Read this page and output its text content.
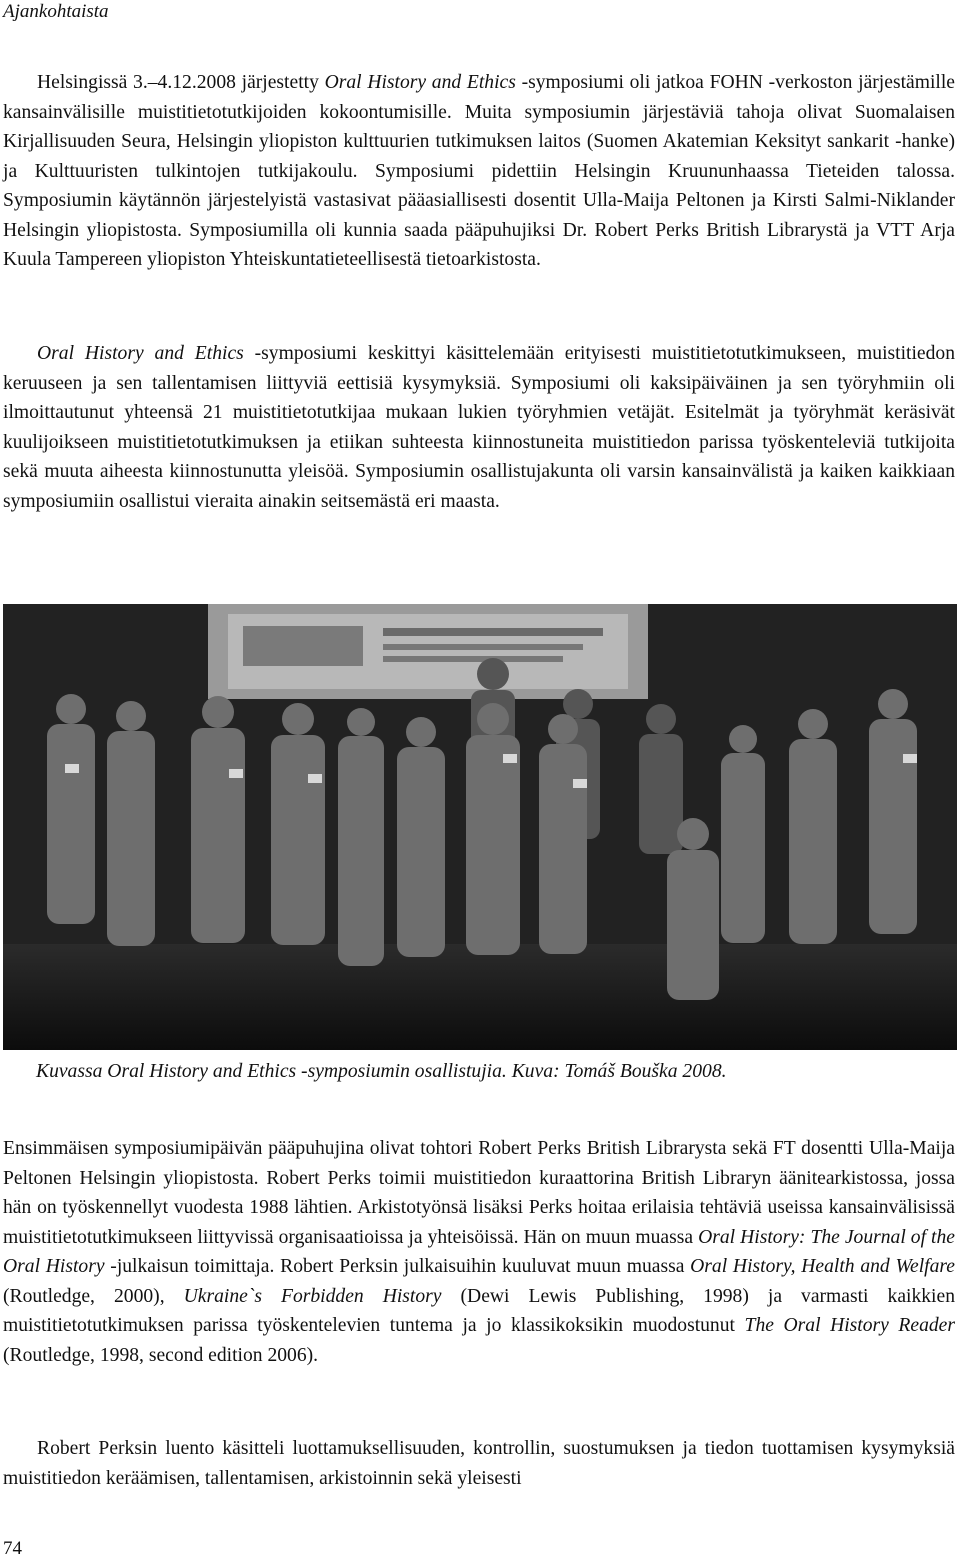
Ajankohtaista

Helsingissä 3.–4.12.2008 järjestetty Oral History and Ethics -symposiumi oli jatkoa FOHN -verkoston järjestämille kansainvälisille muistitietotutkijoiden kokoontumisille. Muita symposiumin järjestäviä tahoja olivat Suomalaisen Kirjallisuuden Seura, Helsingin yliopiston kulttuurien tutkimuksen laitos (Suomen Akatemian Keksityt sankarit -hanke) ja Kulttuuristen tulkintojen tutkijakoulu. Symposiumi pidettiin Helsingin Kruununhaassa Tieteiden talossa. Symposiumin käytännön järjestelyistä vastasivat pääasiallisesti dosentit Ulla-Maija Peltonen ja Kirsti Salmi-Niklander Helsingin yliopistosta. Symposiumilla oli kunnia saada pääpuhujiksi Dr. Robert Perks British Librarystä ja VTT Arja Kuula Tampereen yliopiston Yhteiskuntatieteellisestä tietoarkistosta.

Oral History and Ethics -symposiumi keskittyi käsittelemään erityisesti muistitietotutkimukseen, muistitiedon keruuseen ja sen tallentamisen liittyviä eettisiä kysymyksiä. Symposiumi oli kaksipäiväinen ja sen työryhmiin oli ilmoittautunut yhteensä 21 muistitietotutkijaa mukaan lukien työryhmien vetäjät. Esitelmät ja työryhmät keräsivät kuulijoikseen muistitietotutkimuksen ja etiikan suhteesta kiinnostuneita muistitiedon parissa työskenteleviä tutkijoita sekä muuta aiheesta kiinnostunutta yleisöä. Symposiumin osallistujakunta oli varsin kansainvälistä ja kaiken kaikkiaan symposiumiin osallistui vieraita ainakin seitsemästä eri maasta.

Kuvassa Oral History and Ethics -symposiumin osallistujia. Kuva: Tomáš Bouška 2008.

Ensimmäisen symposiumipäivän pääpuhujina olivat tohtori Robert Perks British Librarysta sekä FT dosentti Ulla-Maija Peltonen Helsingin yliopistosta. Robert Perks toimii muistitiedon kuraattorina British Libraryn äänitearkistossa, jossa hän on työskennellyt vuodesta 1988 lähtien. Arkistotyönsä lisäksi Perks hoitaa erilaisia tehtäviä useissa kansainvälisissä muistitietotutkimukseen liittyvissä organisaatioissa ja yhteisöissä. Hän on muun muassa Oral History: The Journal of the Oral History -julkaisun toimittaja. Robert Perksin julkaisuihin kuuluvat muun muassa Oral History, Health and Welfare (Routledge, 2000), Ukraine`s Forbidden History (Dewi Lewis Publishing, 1998) ja varmasti kaikkien muistitietotutkimuksen parissa työskentelevien tuntema ja jo klassikoksikin muodostunut The Oral History Reader (Routledge, 1998, second edition 2006).

Robert Perksin luento käsitteli luottamuksellisuuden, kontrollin, suostumuksen ja tiedon tuottamisen kysymyksiä muistitiedon keräämisen, tallentamisen, arkistoinnin sekä yleisesti

74
